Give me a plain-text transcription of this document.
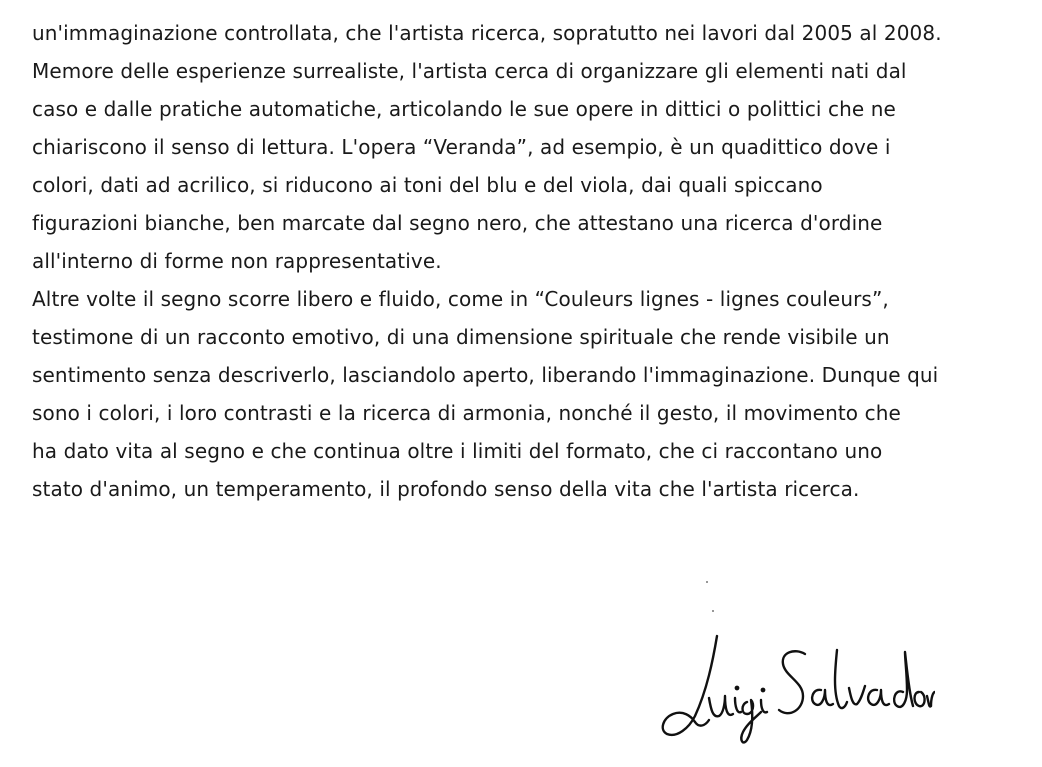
un'immaginazione controllata, che l'artista ricerca, sopratutto nei lavori dal 2005 al 2008.
Memore delle esperienze surrealiste, l'artista cerca di organizzare gli elementi nati dal
caso e dalle pratiche automatiche, articolando le sue opere in dittici o polittici che ne
chiariscono il senso di lettura. L'opera “Veranda”, ad esempio, è un quadittico dove i
colori, dati ad acrilico, si riducono ai toni del blu e del viola, dai quali spiccano
figurazioni bianche, ben marcate dal segno nero, che attestano una ricerca d'ordine
all'interno di forme non rappresentative.
Altre volte il segno scorre libero e fluido, come in “Couleurs lignes - lignes couleurs”,
testimone di un racconto emotivo, di una dimensione spirituale che rende visibile un
sentimento senza descriverlo, lasciandolo aperto, liberando l'immaginazione. Dunque qui
sono i colori, i loro contrasti e la ricerca di armonia, nonché il gesto, il movimento che
ha dato vita al segno e che continua oltre i limiti del formato, che ci raccontano uno
stato d'animo, un temperamento, il profondo senso della vita che l'artista ricerca.
